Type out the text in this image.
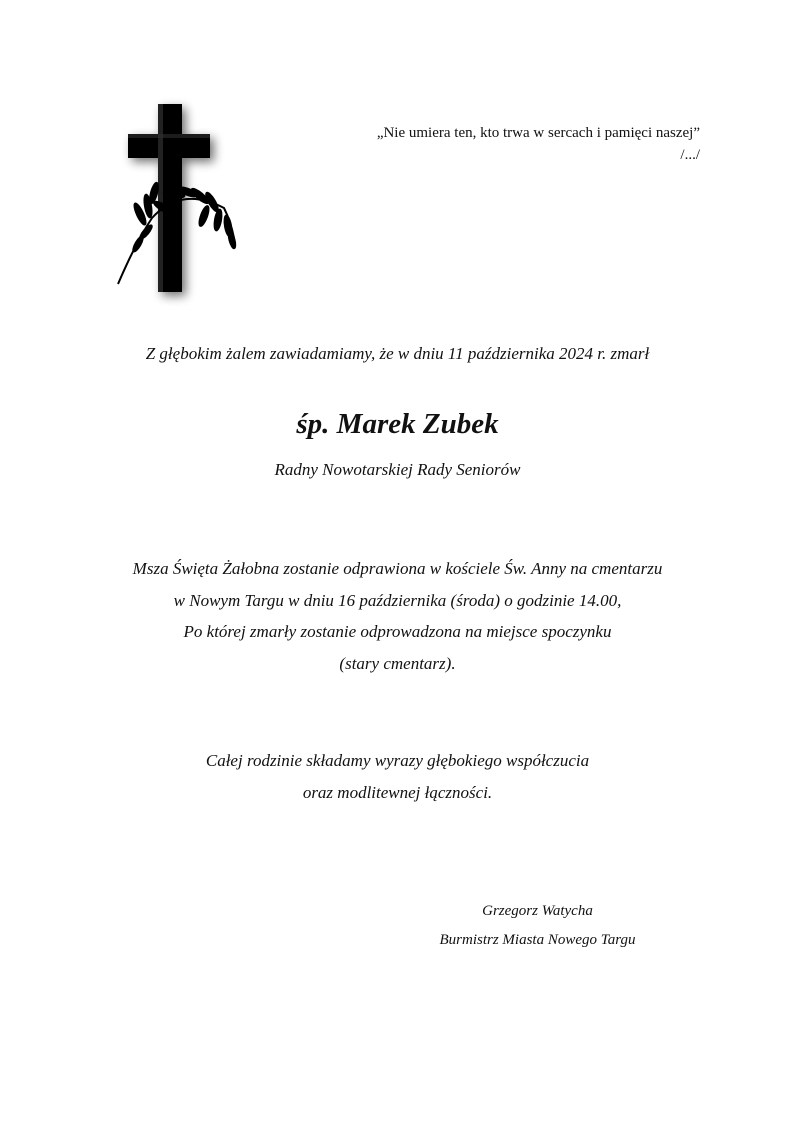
„Nie umiera ten, kto trwa w sercach i pamięci naszej”
/.../
Z głębokim żalem zawiadamiamy, że w dniu 11 października 2024 r. zmarł
śp. Marek Zubek
Radny Nowotarskiej Rady Seniorów
Msza Święta Żałobna zostanie odprawiona w kościele Św. Anny na cmentarzu
w Nowym Targu w dniu 16 października (środa) o godzinie 14.00,
Po której zmarły zostanie odprowadzona na miejsce spoczynku
(stary cmentarz).
Całej rodzinie składamy wyrazy głębokiego współczucia
oraz modlitewnej łączności.
Grzegorz Watycha
Burmistrz Miasta Nowego Targu
